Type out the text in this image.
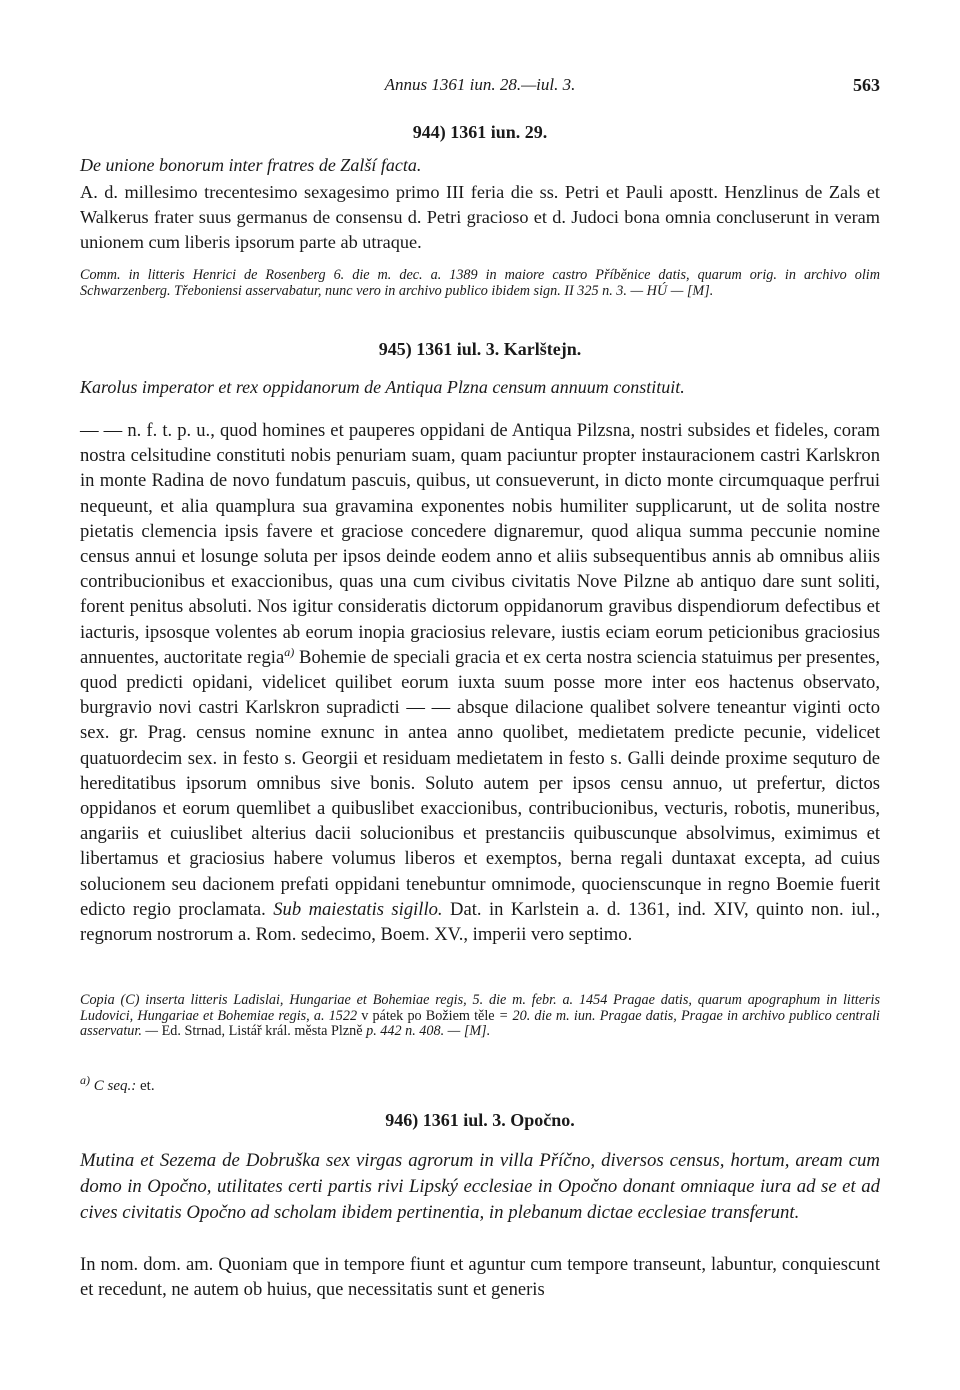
Annus 1361 iun. 28.—iul. 3.	563
944) 1361 iun. 29.
De unione bonorum inter fratres de Zalší facta.
A. d. millesimo trecentesimo sexagesimo primo III feria die ss. Petri et Pauli apostt. Henzlinus de Zals et Walkerus frater suus germanus de consensu d. Petri gracioso et d. Judoci bona omnia concluserunt in veram unionem cum liberis ipsorum parte ab utraque.
Comm. in litteris Henrici de Rosenberg 6. die m. dec. a. 1389 in maiore castro Příběnice datis, quarum orig. in archivo olim Schwarzenberg. Třeboniensi asservabatur, nunc vero in archivo publico ibidem sign. II 325 n. 3. — HÚ — [M].
945) 1361 iul. 3. Karlštejn.
Karolus imperator et rex oppidanorum de Antiqua Plzna censum annuum constituit.
— — n. f. t. p. u., quod homines et pauperes oppidani de Antiqua Pilzsna, nostri subsides et fideles, coram nostra celsitudine constituti nobis penuriam suam, quam paciuntur propter instauracionem castri Karlskron in monte Radina de novo fundatum pascuis, quibus, ut consueverunt, in dicto monte circumquaque perfrui nequeunt, et alia quamplura sua gravamina exponentes nobis humiliter supplicarunt, ut de solita nostre pietatis clemencia ipsis favere et graciose concedere dignaremur, quod aliqua summa peccunie nomine census annui et losunge soluta per ipsos deinde eodem anno et aliis subsequentibus annis ab omnibus aliis contribucionibus et exaccionibus, quas una cum civibus civitatis Nove Pilzne ab antiquo dare sunt soliti, forent penitus absoluti. Nos igitur consideratis dictorum oppidanorum gravibus dispendiorum defectibus et iacturis, ipsosque volentes ab eorum inopia graciosius relevare, iustis eciam eorum peticionibus graciosius annuentes, auctoritate regia$^{a)}$ Bohemie de speciali gracia et ex certa nostra sciencia statuimus per presentes, quod predicti opidani, videlicet quilibet eorum iuxta suum posse more inter eos hactenus observato, burgravio novi castri Karlskron supradicti — — absque dilacione qualibet solvere teneantur viginti octo sex. gr. Prag. census nomine exnunc in antea anno quolibet, medietatem predicte pecunie, videlicet quatuordecim sex. in festo s. Georgii et residuam medietatem in festo s. Galli deinde proxime sequturo de hereditatibus ipsorum omnibus sive bonis. Soluto autem per ipsos censu annuo, ut prefertur, dictos oppidanos et eorum quemlibet a quibuslibet exaccionibus, contribucionibus, vecturis, robotis, muneribus, angariis et cuiuslibet alterius dacii solucionibus et prestanciis quibuscunque absolvimus, eximimus et libertamus et graciosius habere volumus liberos et exemptos, berna regali duntaxat excepta, ad cuius solucionem seu dacionem prefati oppidani tenebuntur omnimode, quocienscunque in regno Boemie fuerit edicto regio proclamata. Sub maiestatis sigillo. Dat. in Karlstein a. d. 1361, ind. XIV, quinto non. iul., regnorum nostrorum a. Rom. sedecimo, Boem. XV., imperii vero septimo.
Copia (C) inserta litteris Ladislai, Hungariae et Bohemiae regis, 5. die m. febr. a. 1454 Pragae datis, quarum apographum in litteris Ludovici, Hungariae et Bohemiae regis, a. 1522 v pátek po Božiem těle = 20. die m. iun. Pragae datis, Pragae in archivo publico centrali asservatur. — Ed. Strnad, Listář král. města Plzně p. 442 n. 408. — [M].
$^{a)}$ C seq.: et.
946) 1361 iul. 3. Opočno.
Mutina et Sezema de Dobruška sex virgas agrorum in villa Příčno, diversos census, hortum, aream cum domo in Opočno, utilitates certi partis rivi Lipský ecclesiae in Opočno donant omniaque iura ad se et ad cives civitatis Opočno ad scholam ibidem pertinentia, in plebanum dictae ecclesiae transferunt.
In nom. dom. am. Quoniam que in tempore fiunt et aguntur cum tempore transeunt, labuntur, conquiescunt et recedunt, ne autem ob huius, que necessitatis sunt et generis
